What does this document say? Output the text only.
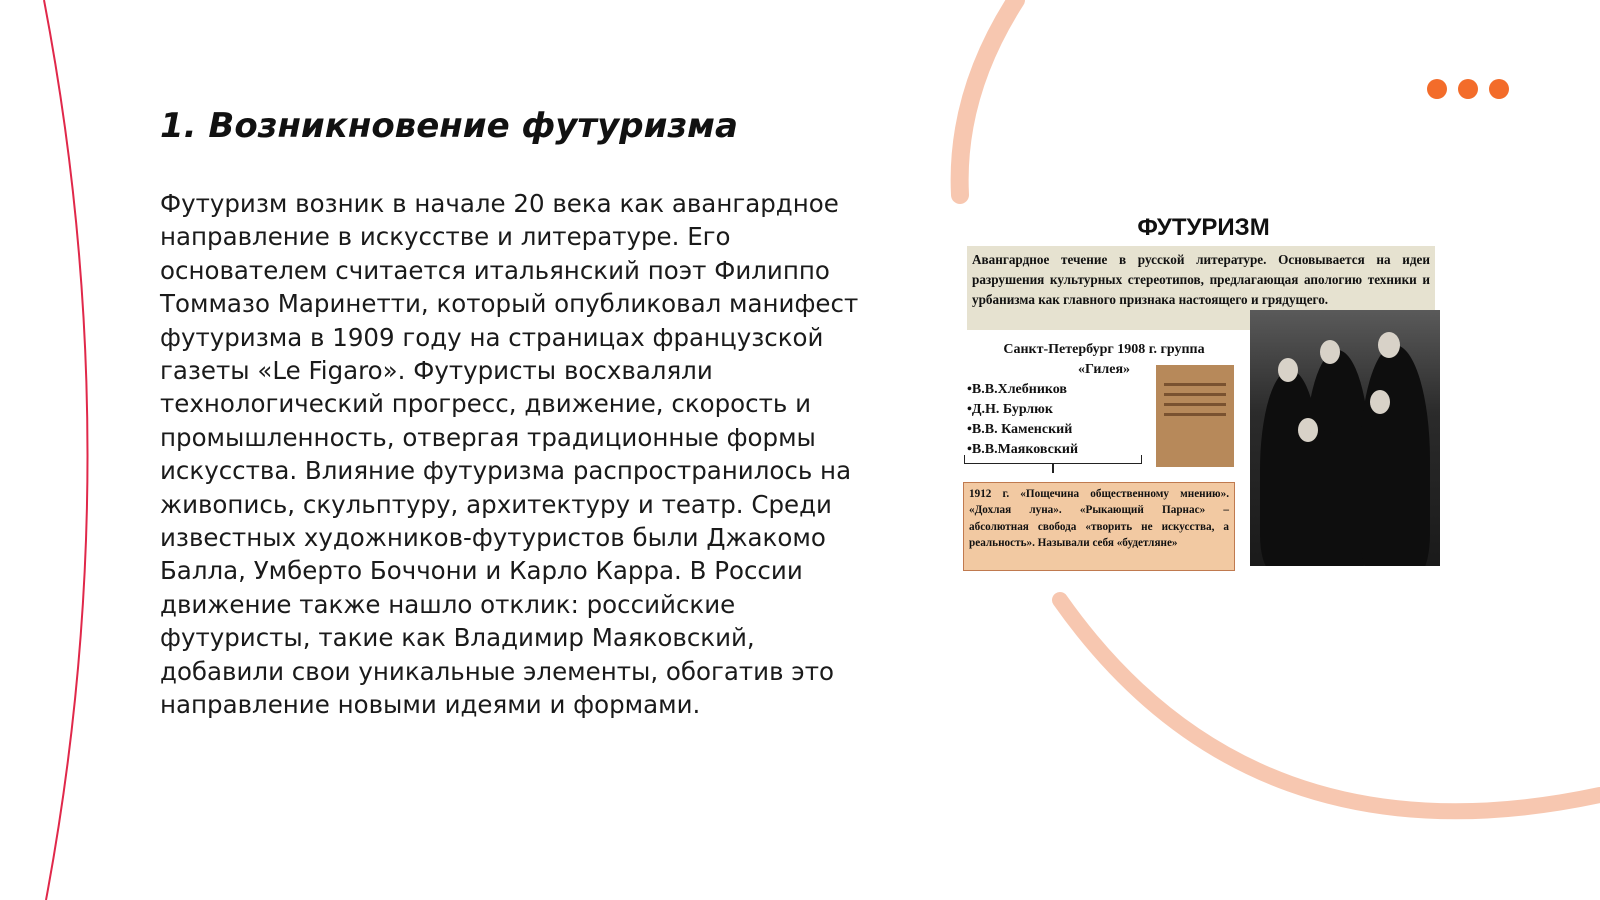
1. Возникновение футуризма

Футуризм возник в начале 20 века как авангардное направление в искусстве и литературе. Его основателем считается итальянский поэт Филиппо Томмазо Маринетти, который опубликовал манифест футуризма в 1909 году на страницах французской газеты «Le Figaro». Футуристы восхваляли технологический прогресс, движение, скорость и промышленность, отвергая традиционные формы искусства. Влияние футуризма распространилось на живопись, скульптуру, архитектуру и театр. Среди известных художников-футуристов были Джакомо Балла, Умберто Боччони и Карло Карра. В России движение также нашло отклик: российские футуристы, такие как Владимир Маяковский, добавили свои уникальные элементы, обогатив это направление новыми идеями и формами.

ФУТУРИЗМ
Авангардное течение в русской литературе. Основывается на идеи разрушения культурных стереотипов, предлагающая апологию техники и урбанизма как главного признака настоящего и грядущего.
Санкт-Петербург 1908 г. группа «Гилея»
•В.В.Хлебников
•Д.Н. Бурлюк
•В.В. Каменский
•В.В.Маяковский
1912 г. «Пощечина общественному мнению». «Дохлая луна». «Рыкающий Парнас» – абсолютная свобода «творить не искусства, а реальность». Называли себя «будетляне»
